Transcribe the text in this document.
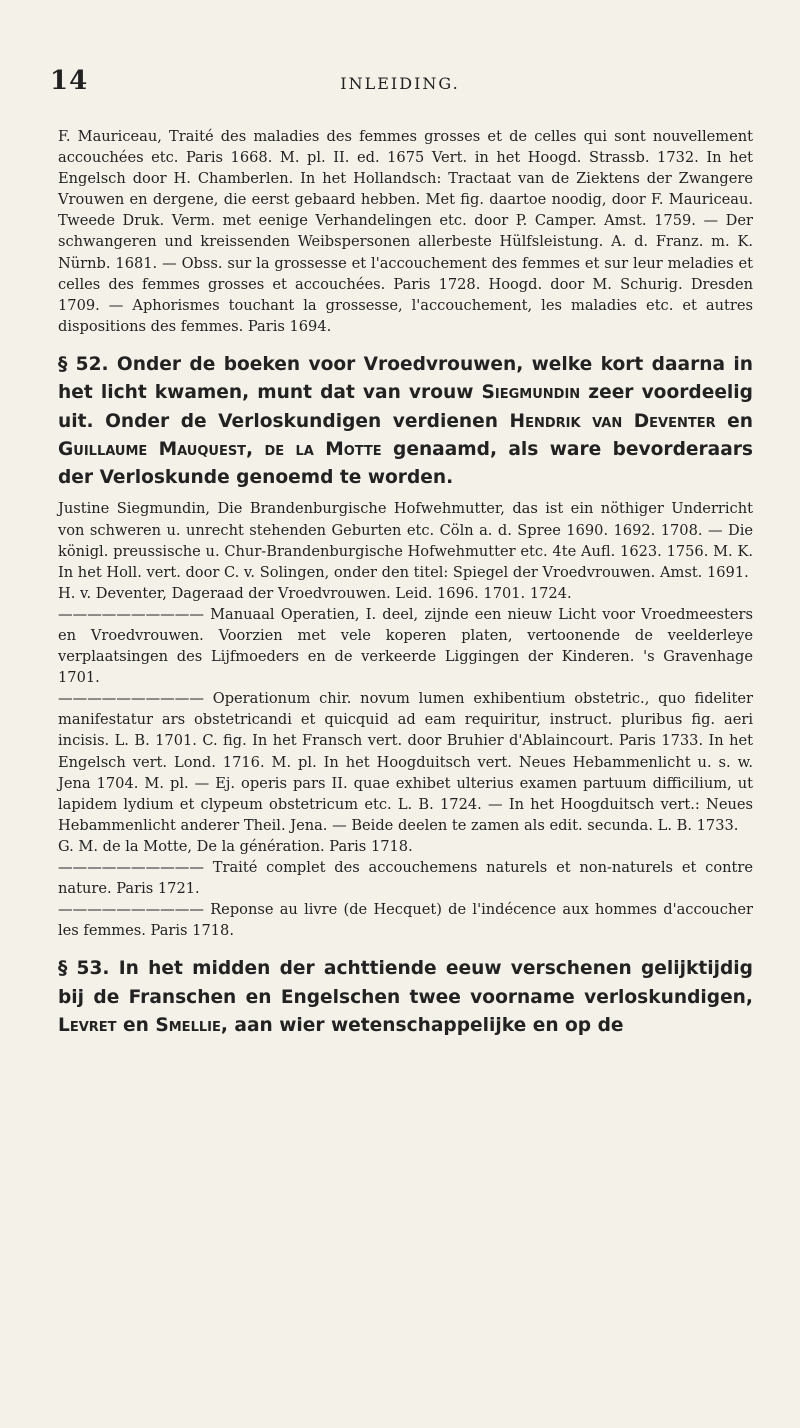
14	INLEIDING.

F. Mauriceau, Traité des maladies des femmes grosses et de celles qui sont nouvellement accouchées etc. Paris 1668. M. pl. II. ed. 1675 Vert. in het Hoogd. Strassb. 1732. In het Engelsch door H. Chamberlen. In het Hollandsch: Tractaat van de Ziektens der Zwangere Vrouwen en dergene, die eerst gebaard hebben. Met fig. daartoe noodig, door F. Mauriceau. Tweede Druk. Verm. met eenige Verhandelingen etc. door P. Camper. Amst. 1759. — Der schwangeren und kreissenden Weibspersonen allerbeste Hülfsleistung. A. d. Franz. m. K. Nürnb. 1681. — Obss. sur la grossesse et l'accouchement des femmes et sur leur meladies et celles des femmes grosses et accouchées. Paris 1728. Hoogd. door M. Schurig. Dresden 1709. — Aphorismes touchant la grossesse, l'accouchement, les maladies etc. et autres dispositions des femmes. Paris 1694.

§ 52. Onder de boeken voor Vroedvrouwen, welke kort daarna in het licht kwamen, munt dat van vrouw Siegmundin zeer voordeelig uit. Onder de Verloskundigen verdienen Hendrik van Deventer en Guillaume Mauquest, de la Motte genaamd, als ware bevorderaars der Verloskunde genoemd te worden.

Justine Siegmundin, Die Brandenburgische Hofwehmutter, das ist ein nöthiger Underricht von schweren u. unrecht stehenden Geburten etc. Cöln a. d. Spree 1690. 1692. 1708. — Die königl. preussische u. Chur-Brandenburgische Hofwehmutter etc. 4te Aufl. 1623. 1756. M. K. In het Holl. vert. door C. v. Solingen, onder den titel: Spiegel der Vroedvrouwen. Amst. 1691.

H. v. Deventer, Dageraad der Vroedvrouwen. Leid. 1696. 1701. 1724.

—————————— Manuaal Operatien, I. deel, zijnde een nieuw Licht voor Vroedmeesters en Vroedvrouwen. Voorzien met vele koperen platen, vertoonende de veelderleye verplaatsingen des Lijfmoeders en de verkeerde Liggingen der Kinderen. 's Gravenhage 1701.

—————————— Operationum chir. novum lumen exhibentium obstetric., quo fideliter manifestatur ars obstetricandi et quicquid ad eam requiritur, instruct. pluribus fig. aeri incisis. L. B. 1701. C. fig. In het Fransch vert. door Bruhier d'Ablaincourt. Paris 1733. In het Engelsch vert. Lond. 1716. M. pl. In het Hoogduitsch vert. Neues Hebammenlicht u. s. w. Jena 1704. M. pl. — Ej. operis pars II. quae exhibet ulterius examen partuum difficilium, ut lapidem lydium et clypeum obstetricum etc. L. B. 1724. — In het Hoogduitsch vert.: Neues Hebammenlicht anderer Theil. Jena. — Beide deelen te zamen als edit. secunda. L. B. 1733.

G. M. de la Motte, De la génération. Paris 1718.

—————————— Traité complet des accouchemens naturels et non-naturels et contre nature. Paris 1721.

—————————— Reponse au livre (de Hecquet) de l'indécence aux hommes d'accoucher les femmes. Paris 1718.

§ 53. In het midden der achttiende eeuw verschenen gelijktijdig bij de Franschen en Engelschen twee voorname verloskundigen, Levret en Smellie, aan wier wetenschappelijke en op de
